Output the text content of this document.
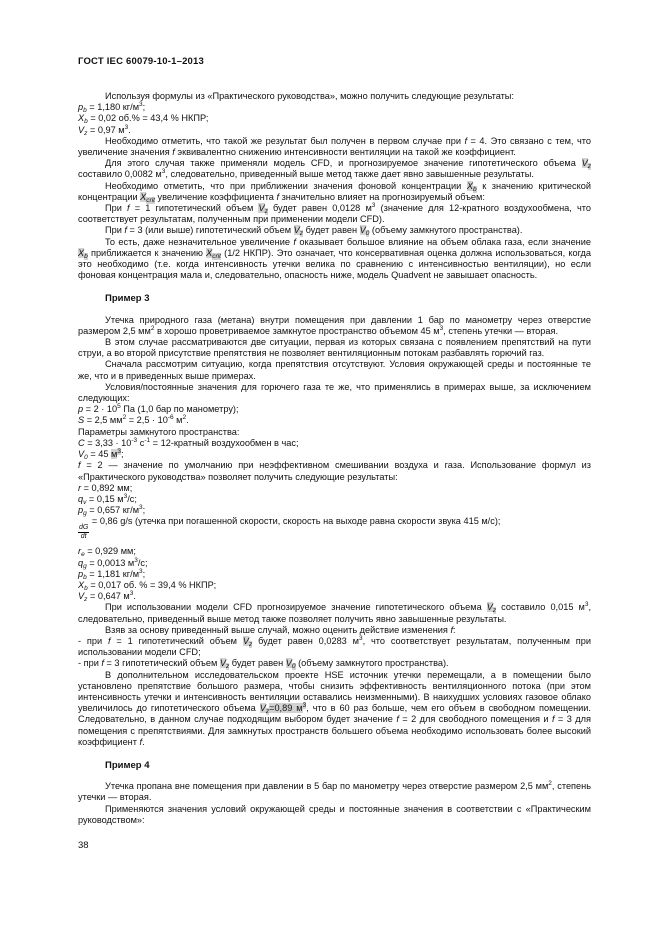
ГОСТ IEC 60079-10-1–2013
Используя формулы из «Практического руководства», можно получить следующие результаты:
$p_b = 1,180$ $кг/м^3$;
$X_b = 0,02$ об.% = 43,4 % НКПР;
$V_z = 0,97$ $м^3$.
Необходимо отметить, что такой же результат был получен в первом случае при f = 4. Это связано с тем, что увеличение значения f эквивалентно снижению интенсивности вентиляции на такой же коэффициент.
Для этого случая также применяли модель CFD, и прогнозируемое значение гипотетического объема $V_z$ составило 0,0082 $м^3$, следовательно, приведенный выше метод также дает явно завышенные результаты.
Необходимо отметить, что при приближении значения фоновой концентрации $X_b$ к значению критической концентрации $X_{crit}$ увеличение коэффициента f значительно влияет на прогнозируемый объем:
При f = 1 гипотетический объем $V_z$ будет равен 0,0128 $м^3$ (значение для 12-кратного воздухообмена, что соответствует результатам, полученным при применении модели CFD).
При f = 3 (или выше) гипотетический объем $V_z$ будет равен $V_0$ (объему замкнутого пространства).
То есть, даже незначительное увеличение f оказывает большое влияние на объем облака газа, если значение $X_b$ приближается к значению $X_{crit}$ (1/2 НКПР). Это означает, что консервативная оценка должна использоваться, когда это необходимо (т.е. когда интенсивность утечки велика по сравнению с интенсивностью вентиляции), но если фоновая концентрация мала и, следовательно, опасность ниже, модель Quadvent не завышает опасность.
Пример 3
Утечка природного газа (метана) внутри помещения при давлении 1 бар по манометру через отверстие размером 2,5 $мм^2$ в хорошо проветриваемое замкнутое пространство объемом 45 $м^3$, степень утечки — вторая.
В этом случае рассматриваются две ситуации, первая из которых связана с появлением препятствий на пути струи, а во второй присутствие препятствия не позволяет вентиляционным потокам разбавлять горючий газ.
Сначала рассмотрим ситуацию, когда препятствия отсутствуют. Условия окружающей среды и постоянные те же, что и в приведенных выше примерах.
Условия/постоянные значения для горючего газа те же, что применялись в примерах выше, за исключением следующих:
$p = 2 \cdot 10^5$ Па (1,0 бар по манометру);
S = 2,5 $мм^2 = 2,5 \cdot 10^{-6}$ $м^2$.
Параметры замкнутого пространства:
$C = 3,33 \cdot 10^{-3}$ $с^{-1}$ = 12-кратный воздухообмен в час;
$V_0 = 45$ $м^3$;
f = 2 — значение по умолчанию при неэффективном смешивании воздуха и газа. Использование формул из «Практического руководства» позволяет получить следующие результаты:
r = 0,892 мм;
$q_v = 0,15$ $м^3/с$;
$p_g = 0,657$ $кг/м^3$;
$\frac{dG}{dt}$
= 0,86 g/s (утечка при погашенной скорости, скорость на выходе равна скорости звука 415 м/с);
$r_e = 0,929$ мм;
$q_g = 0,0013$ $м^3/с$;
$p_b = 1,181$ $кг/м^3$;
$X_b = 0,017$ об. % = 39,4 % НКПР;
$V_z = 0,647$ $м^3$.
При использовании модели CFD прогнозируемое значение гипотетического объема $V_z$ составило 0,015 $м^3$, следовательно, приведенный выше метод также позволяет получить явно завышенные результаты.
Взяв за основу приведенный выше случай, можно оценить действие изменения f:
- при f = 1 гипотетический объем $V_z$ будет равен 0,0283 $м^3$, что соответствует результатам, полученным при использовании модели CFD;
- при f = 3 гипотетический объем $V_z$ будет равен $V_0$ (объему замкнутого пространства).
В дополнительном исследовательском проекте HSE источник утечки перемещали, а в помещении было установлено препятствие большого размера, чтобы снизить эффективность вентиляционного потока (при этом интенсивность утечки и интенсивность вентиляции оставались неизменными). В наихудших условиях газовое облако увеличилось до гипотетического объема $V_z=0,89$ $м^3$, что в 60 раз больше, чем его объем в свободном помещении. Следовательно, в данном случае подходящим выбором будет значение f = 2 для свободного помещения и f = 3 для помещения с препятствиями. Для замкнутых пространств большего объема необходимо использовать более высокий коэффициент f.
Пример 4
Утечка пропана вне помещения при давлении в 5 бар по манометру через отверстие размером 2,5 $мм^2$, степень утечки — вторая.
Применяются значения условий окружающей среды и постоянные значения в соответствии с «Практическим руководством»:
38
